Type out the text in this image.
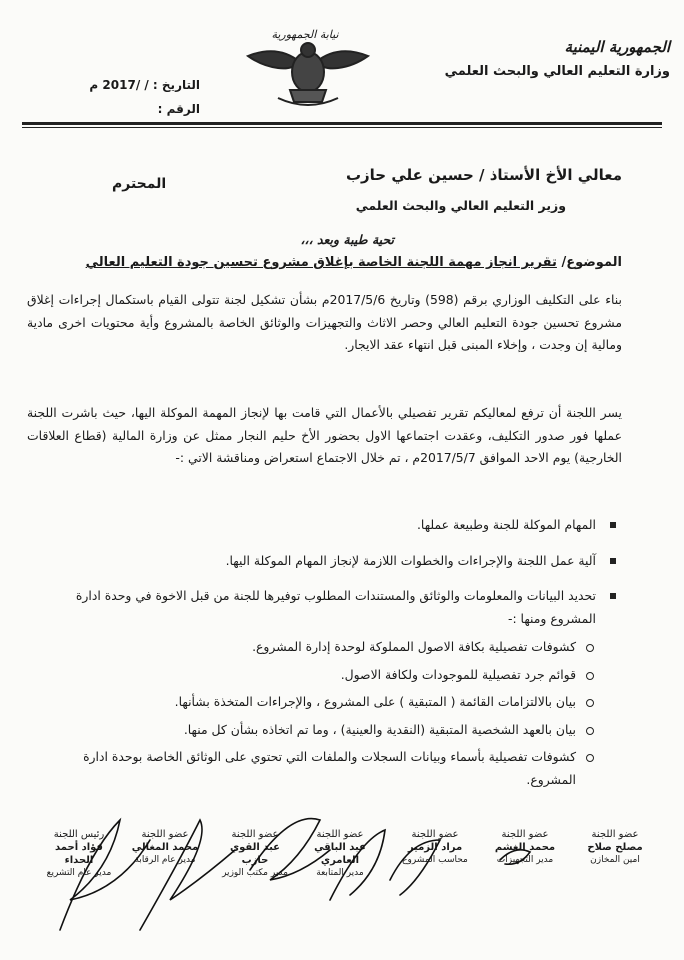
الجمهورية اليمنية
وزارة التعليم العالي والبحث العلمي
نيابة الجمهورية
التاريخ : / /2017 م
الرقم :
معالي الأخ الأستاذ / حسين علي حازب
وزير التعليم العالي والبحث العلمي
المحترم
تحية طيبة وبعد ،،،
الموضوع/ تقرير انجاز مهمة اللجنة الخاصة بإغلاق مشروع تحسين جودة التعليم العالي
بناء على التكليف الوزاري برقم (598) وتاريخ 2017/5/6م بشأن تشكيل لجنة تتولى القيام باستكمال إجراءات إغلاق مشروع تحسين جودة التعليم العالي وحصر الاثاث والتجهيزات والوثائق الخاصة بالمشروع وأية محتويات اخرى مادية ومالية إن وجدت ، وإخلاء المبنى قبل انتهاء عقد الايجار.
يسر اللجنة أن ترفع لمعاليكم تقرير تفصيلي بالأعمال التي قامت بها لإنجاز المهمة الموكلة اليها، حيث باشرت اللجنة عملها فور صدور التكليف، وعقدت اجتماعها الاول بحضور الأخ حليم النجار ممثل عن وزارة المالية (قطاع العلاقات الخارجية) يوم الاحد الموافق 2017/5/7م ، تم خلال الاجتماع استعراض ومناقشة الاتي :-
المهام الموكلة للجنة وطبيعة عملها.
آلية عمل اللجنة والإجراءات والخطوات اللازمة لإنجاز المهام الموكلة اليها.
تحديد البيانات والمعلومات والوثائق والمستندات المطلوب توفيرها للجنة من قبل الاخوة في وحدة ادارة المشروع ومنها :-
كشوفات تفصيلية بكافة الاصول المملوكة لوحدة إدارة المشروع.
قوائم جرد تفصيلية للموجودات ولكافة الاصول.
بيان بالالتزامات القائمة ( المتبقية ) على المشروع ، والإجراءات المتخذة بشأنها.
بيان بالعهد الشخصية المتبقية (النقدية والعينية) ، وما تم اتخاذه بشأن كل منها.
كشوفات تفصيلية بأسماء وبيانات السجلات والملفات التي تحتوي على الوثائق الخاصة بوحدة ادارة المشروع.
رئيس اللجنة
فؤاد أحمد الحداء
مدير عام التشريع
عضو اللجنة
محمد المغالي
مدير عام الرقابة
عضو اللجنة
عبد القوي حازب
مدير مكتب الوزير
عضو اللجنة
عبد الباقي العامري
مدير المتابعة
عضو اللجنة
مراد الزمير
محاسب المشروع
عضو اللجنة
محمد الغشم
مدير التجهيزات
عضو اللجنة
مصلح صلاح
امين المخازن
